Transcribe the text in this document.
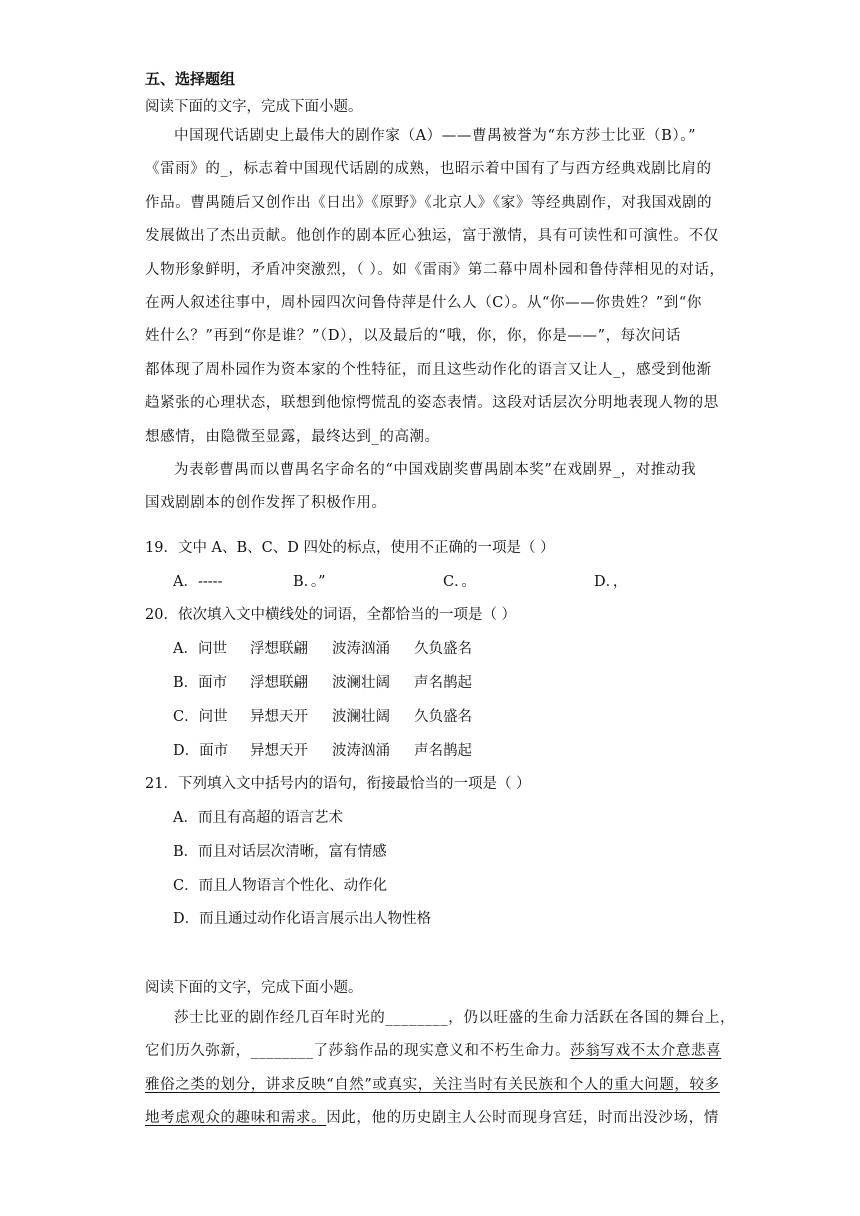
五、选择题组
阅读下面的文字，完成下面小题。
中国现代话剧史上最伟大的剧作家（A）——曹禺被誉为“东方莎士比亚（B）。”
《雷雨》的_，标志着中国现代话剧的成熟，也昭示着中国有了与西方经典戏剧比肩的
作品。曹禺随后又创作出《日出》《原野》《北京人》《家》等经典剧作，对我国戏剧的
发展做出了杰出贡献。他创作的剧本匠心独运，富于激情，具有可读性和可演性。不仅
人物形象鲜明，矛盾冲突激烈，（ ）。如《雷雨》第二幕中周朴园和鲁侍萍相见的对话，
在两人叙述往事中，周朴园四次问鲁侍萍是什么人（C）。从“你——你贵姓？”到“你
姓什么？”再到“你是谁？”（D），以及最后的“哦，你，你，你是——”，每次问话
都体现了周朴园作为资本家的个性特征，而且这些动作化的语言又让人_，感受到他渐
趋紧张的心理状态，联想到他惊愕慌乱的姿态表情。这段对话层次分明地表现人物的思
想感情，由隐微至显露，最终达到_的高潮。
为表彰曹禺而以曹禺名字命名的“中国戏剧奖曹禺剧本奖”在戏剧界_，对推动我
国戏剧剧本的创作发挥了积极作用。
19．文中 A、B、C、D 四处的标点，使用不正确的一项是（ ）
A．-----	B．。”	C．。	D．，
20．依次填入文中横线处的词语，全都恰当的一项是（ ）
A．问世 浮想联翩 波涛汹涌 久负盛名
B．面市 浮想联翩 波澜壮阔 声名鹊起
C．问世 异想天开 波澜壮阔 久负盛名
D．面市 异想天开 波涛汹涌 声名鹊起
21．下列填入文中括号内的语句，衔接最恰当的一项是（ ）
A．而且有高超的语言艺术
B．而且对话层次清晰，富有情感
C．而且人物语言个性化、动作化
D．而且通过动作化语言展示出人物性格
阅读下面的文字，完成下面小题。
莎士比亚的剧作经几百年时光的________，仍以旺盛的生命力活跃在各国的舞台上，
它们历久弥新，________了莎翁作品的现实意义和不朽生命力。莎翁写戏不太介意悲喜
雅俗之类的划分，讲求反映“自然”或真实，关注当时有关民族和个人的重大问题，较多
地考虑观众的趣味和需求。因此，他的历史剧主人公时而现身宫廷，时而出没沙场，情
